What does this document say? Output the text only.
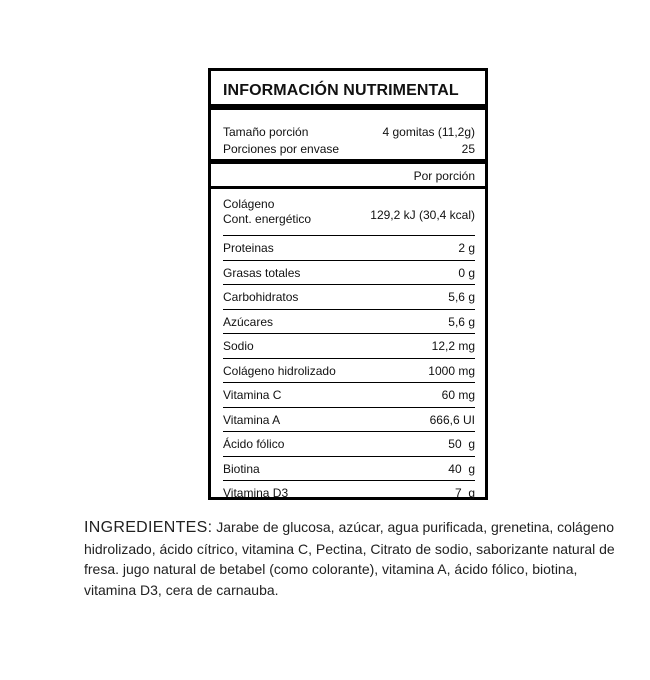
INFORMACIÓN NUTRIMENTAL
Tamaño porción	4 gomitas (11,2g)
Porciones por envase	25
Por porción
Colágeno
Cont. energético	129,2 kJ (30,4 kcal)
Proteinas	2 g
Grasas totales	0 g
Carbohidratos	5,6 g
Azúcares	5,6 g
Sodio	12,2 mg
Colágeno hidrolizado	1000 mg
Vitamina C	60 mg
Vitamina A	666,6 UI
Ácido fólico	50  g
Biotina	40  g
Vitamina D3	7  g
INGREDIENTES: Jarabe de glucosa, azúcar, agua purificada, grenetina, colágeno hidrolizado, ácido cítrico, vitamina C, Pectina, Citrato de sodio, saborizante natural de fresa. jugo natural de betabel (como colorante), vitamina A, ácido fólico, biotina, vitamina D3, cera de carnauba.
